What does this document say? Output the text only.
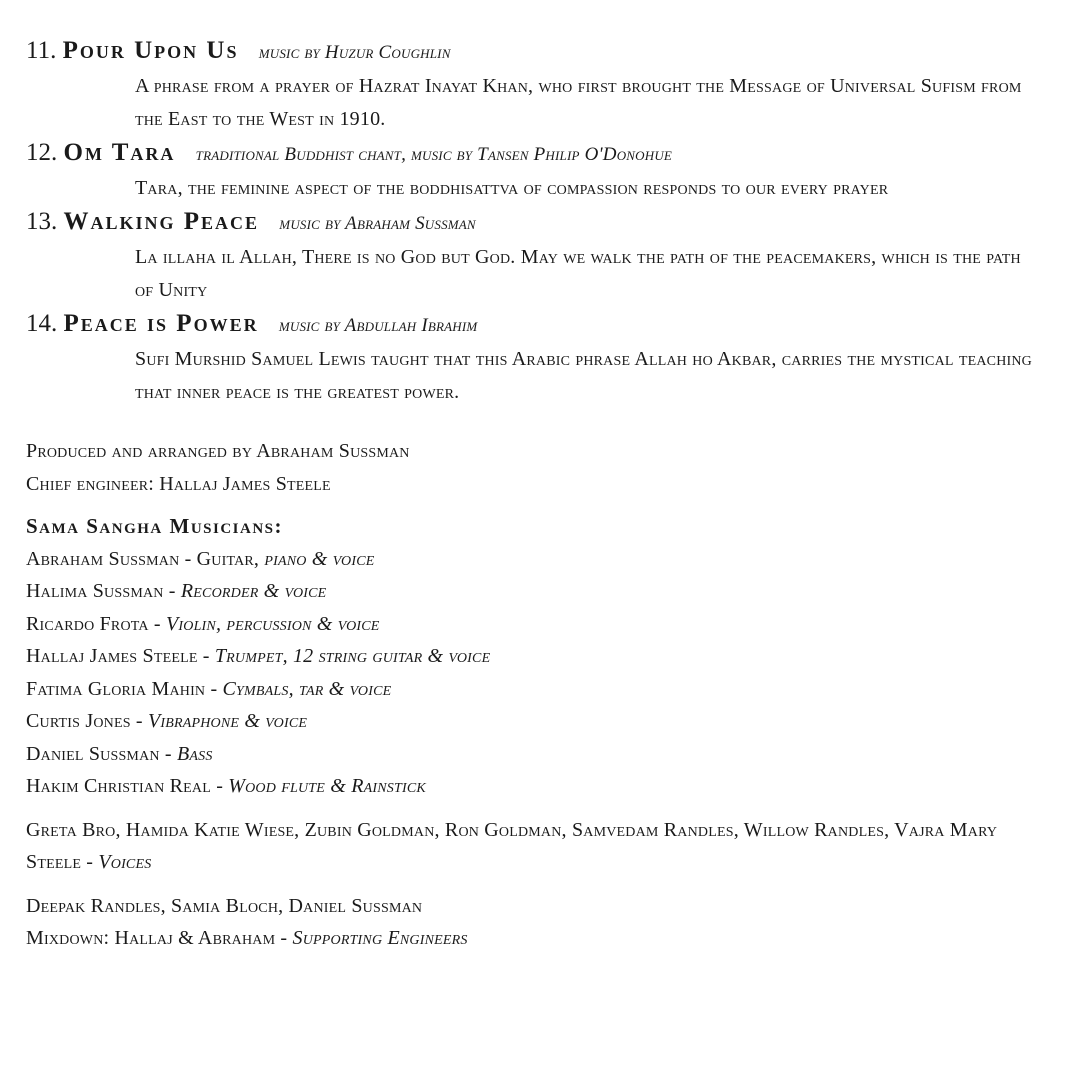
11. Pour Upon Us music by Huzur Coughlin

A phrase from a prayer of Hazrat Inayat Khan, who first brought the Message of Universal Sufism from the East to the West in 1910.

12. Om Tara traditional Buddhist chant, music by Tansen Philip O'Donohue

Tara, the feminine aspect of the boddhisattva of compassion responds to our every prayer

13. Walking Peace music by Abraham Sussman

La illaha il Allah, There is no God but God. May we walk the path of the peacemakers, which is the path of Unity

14. Peace is Power music by Abdullah Ibrahim

Sufi Murshid Samuel Lewis taught that this Arabic phrase Allah ho Akbar, carries the mystical teaching that inner peace is the greatest power.

Produced and arranged by Abraham Sussman

Chief engineer: Hallaj James Steele

Sama Sangha Musicians:

Abraham Sussman - Guitar, piano & voice

Halima Sussman - Recorder & voice

Ricardo Frota - Violin, percussion & voice

Hallaj James Steele - Trumpet, 12 string guitar & voice

Fatima Gloria Mahin - Cymbals, tar & voice

Curtis Jones - Vibraphone & voice

Daniel Sussman - Bass

Hakim Christian Real - Wood flute & Rainstick

Greta Bro, Hamida Katie Wiese, Zubin Goldman, Ron Goldman, Samvedam Randles, Willow Randles, Vajra Mary Steele - Voices

Deepak Randles, Samia Bloch, Daniel Sussman

Mixdown: Hallaj & Abraham - Supporting Engineers
